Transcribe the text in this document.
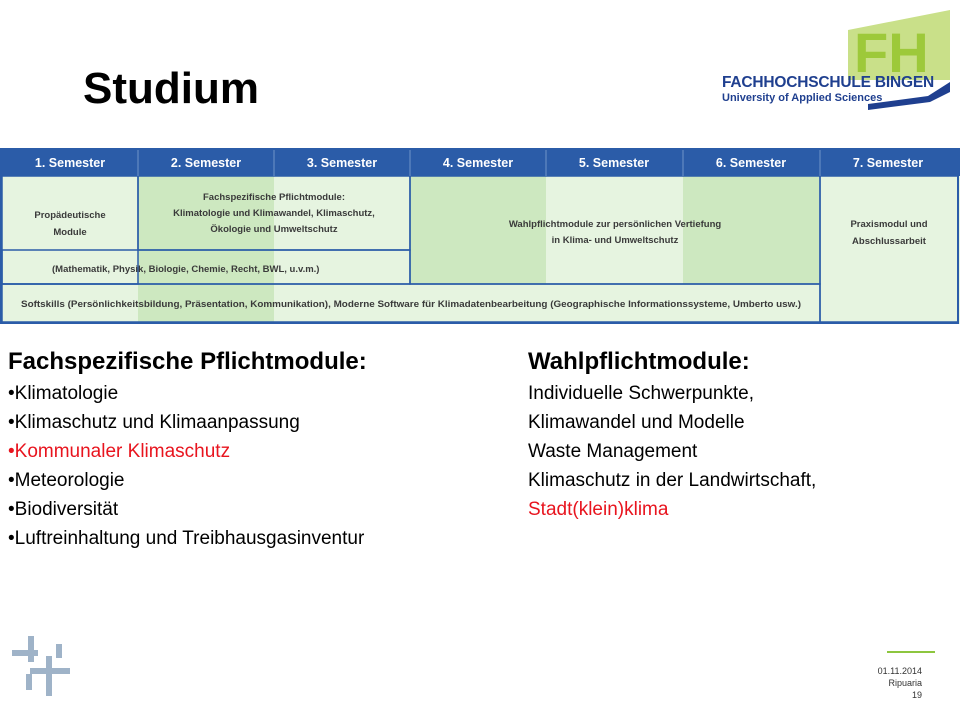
Studium
FH
FACHHOCHSCHULE BINGEN
University of Applied Sciences
1. Semester	2. Semester	3. Semester	4. Semester	5. Semester	6. Semester	7. Semester
Propädeutische
Module
Fachspezifische Pflichtmodule:
Klimatologie und Klimawandel, Klimaschutz,
Ökologie und Umweltschutz
(Mathematik, Physik, Biologie, Chemie, Recht, BWL, u.v.m.)
Wahlpflichtmodule zur persönlichen Vertiefung
in Klima- und Umweltschutz
Praxismodul und
Abschlussarbeit
Softskills (Persönlichkeitsbildung, Präsentation, Kommunikation), Moderne Software für Klimadatenbearbeitung (Geographische Informationssysteme, Umberto usw.)
Fachspezifische Pflichtmodule:
•Klimatologie
•Klimaschutz und Klimaanpassung
•Kommunaler Klimaschutz
•Meteorologie
•Biodiversität
•Luftreinhaltung und Treibhausgasinventur
Wahlpflichtmodule:
Individuelle Schwerpunkte,
Klimawandel und Modelle
Waste Management
Klimaschutz in der Landwirtschaft,
Stadt(klein)klima
01.11.2014
Ripuaria
19
